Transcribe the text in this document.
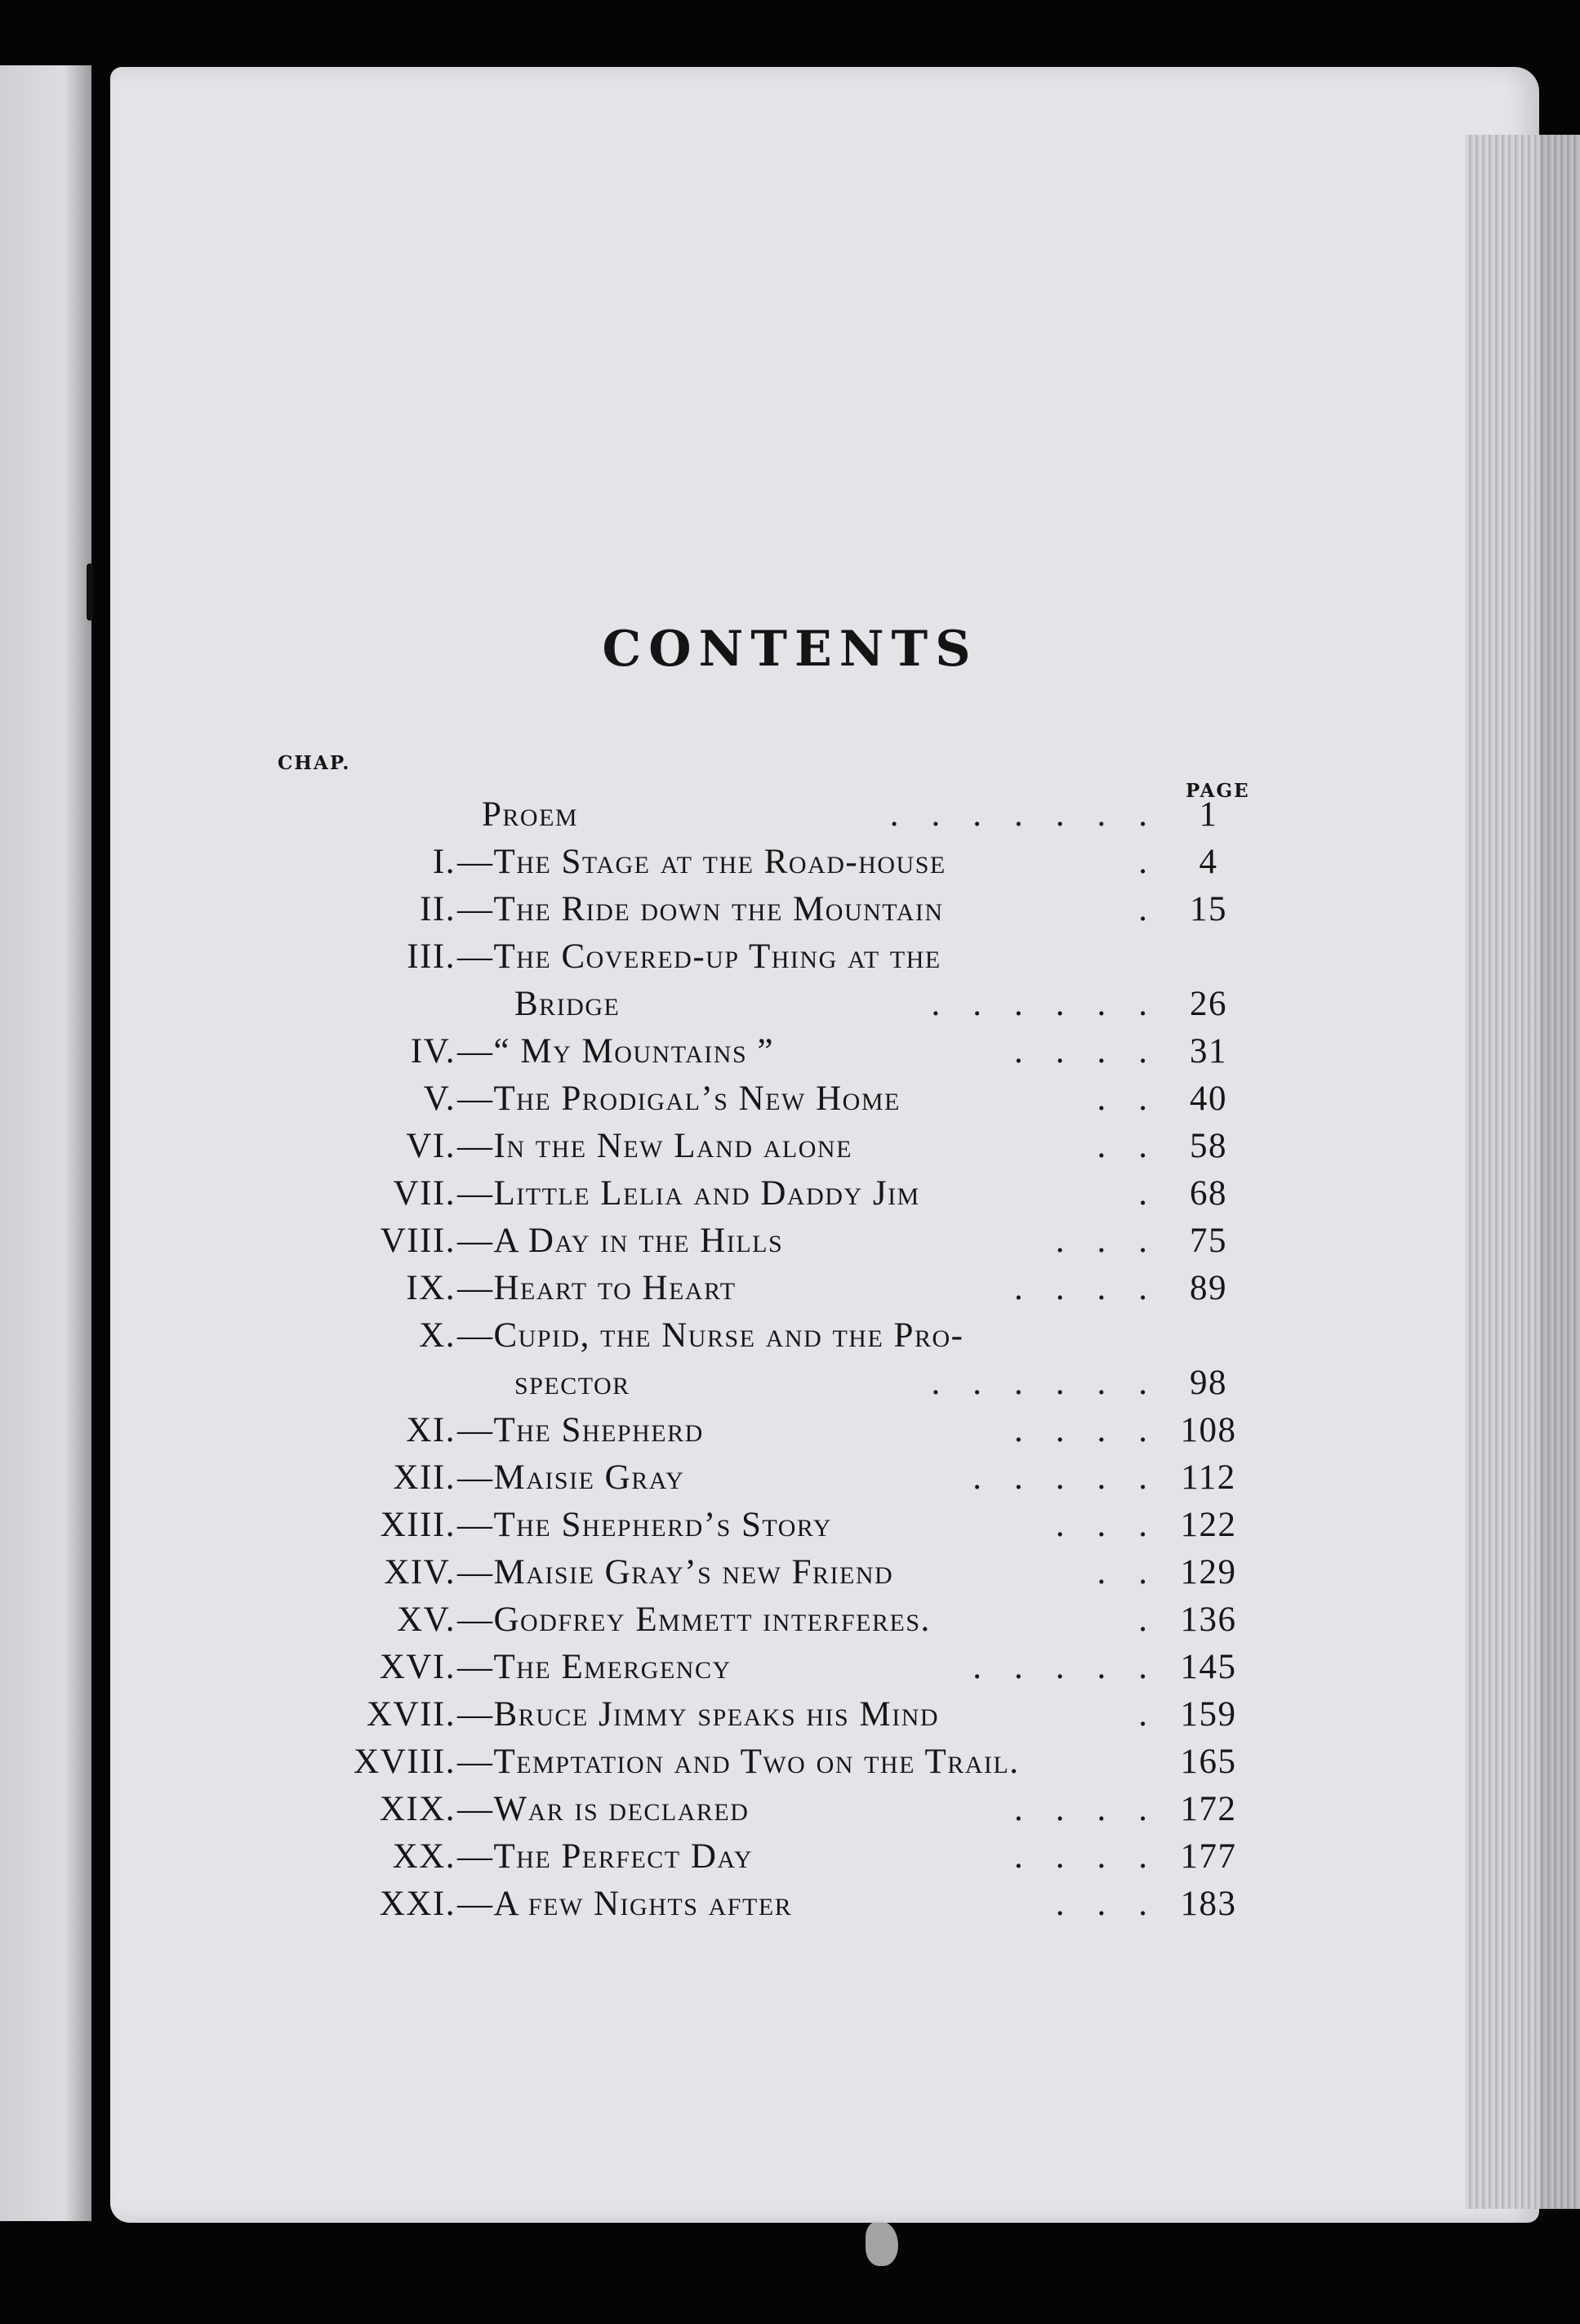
CONTENTS
CHAP.
PAGE
Proem	....... 1
I. —The Stage at the Road-house	. 4
II. —The Ride down the Mountain	. 15
III. —The Covered-up Thing at the
Bridge	...... 26
IV. —“ My Mountains ”	.... 31
V. —The Prodigal’s New Home	.. 40
VI. —In the New Land alone	.. 58
VII. —Little Lelia and Daddy Jim	. 68
VIII. —A Day in the Hills	... 75
IX. —Heart to Heart	.... 89
X. —Cupid, the Nurse and the Pro-
spector	...... 98
XI. —The Shepherd	.... 108
XII. —Maisie Gray	..... 112
XIII. —The Shepherd’s Story	... 122
XIV. —Maisie Gray’s new Friend	.. 129
XV. —Godfrey Emmett interferes.	. 136
XVI. —The Emergency	..... 145
XVII. —Bruce Jimmy speaks his Mind	. 159
XVIII. —Temptation and Two on the Trail.	165
XIX. —War is declared	.... 172
XX. —The Perfect Day	.... 177
XXI. —A few Nights after	... 183
